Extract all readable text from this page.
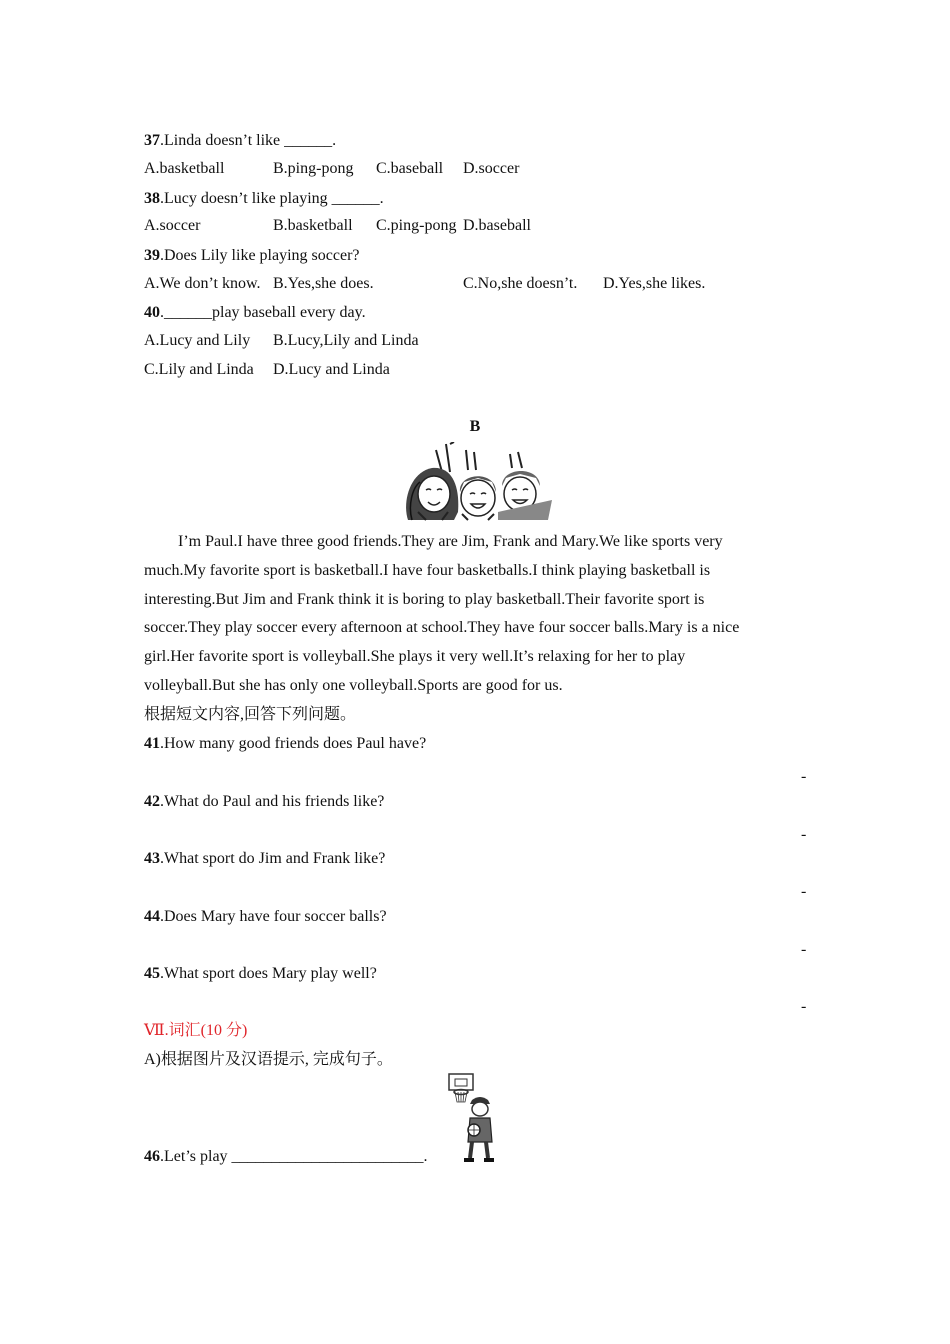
37.Linda doesn’t like ______.
A.basketball	B.ping-pong C.baseball D.soccer
38.Lucy doesn’t like playing ______.
A.soccer	B.basketball C.ping-pong D.baseball
39.Does Lily like playing soccer?
A.We don’t know. B.Yes,she does.	C.No,she doesn’t. D.Yes,she likes.
40.______play baseball every day.
A.Lucy and Lily B.Lucy,Lily and Linda
C.Lily and Linda D.Lucy and Linda
B

I’m Paul.I have three good friends.They are Jim, Frank and Mary.We like sports very much.My favorite sport is basketball.I have four basketballs.I think playing basketball is interesting.But Jim and Frank think it is boring to play basketball.Their favorite sport is soccer.They play soccer every afternoon at school.They have four soccer balls.Mary is a nice girl.Her favorite sport is volleyball.She plays it very well.It’s relaxing for her to play volleyball.But she has only one volleyball.Sports are good for us.

根据短文内容,回答下列问题。
41.How many good friends does Paul have?
-
42.What do Paul and his friends like?
-
43.What sport do Jim and Frank like?
-
44.Does Mary have four soccer balls?
-
45.What sport does Mary play well?
-
Ⅶ.词汇(10 分)
A)根据图片及汉语提示, 完成句子。
46.Let’s play ________________________.
